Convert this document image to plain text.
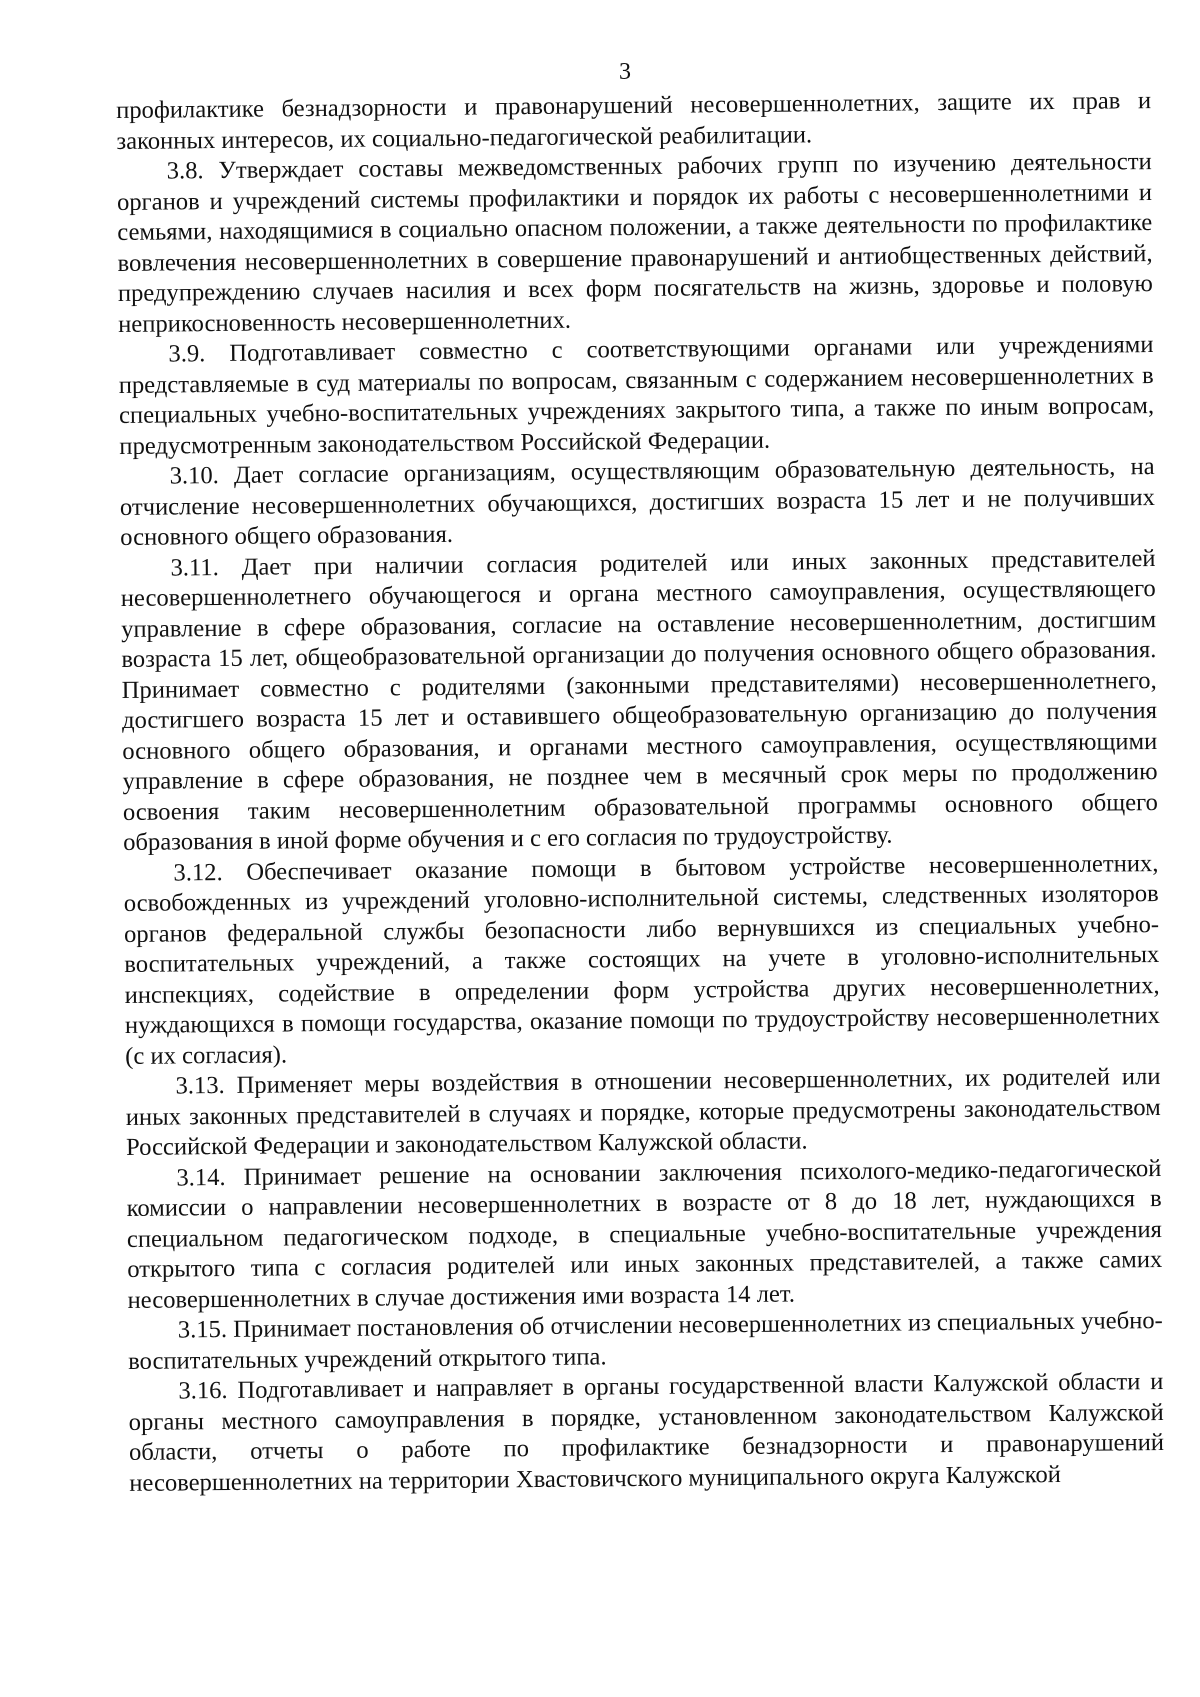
3

профилактике безнадзорности и правонарушений несовершеннолетних, защите их прав и законных интересов, их социально-педагогической реабилитации.

3.8. Утверждает составы межведомственных рабочих групп по изучению деятельности органов и учреждений системы профилактики и порядок их работы с несовершеннолетними и семьями, находящимися в социально опасном положении, а также деятельности по профилактике вовлечения несовершеннолетних в совершение правонарушений и антиобщественных действий, предупреждению случаев насилия и всех форм посягательств на жизнь, здоровье и половую неприкосновенность несовершеннолетних.

3.9. Подготавливает совместно с соответствующими органами или учреждениями представляемые в суд материалы по вопросам, связанным с содержанием несовершеннолетних в специальных учебно-воспитательных учреждениях закрытого типа, а также по иным вопросам, предусмотренным законодательством Российской Федерации.

3.10. Дает согласие организациям, осуществляющим образовательную деятельность, на отчисление несовершеннолетних обучающихся, достигших возраста 15 лет и не получивших основного общего образования.

3.11. Дает при наличии согласия родителей или иных законных представителей несовершеннолетнего обучающегося и органа местного самоуправления, осуществляющего управление в сфере образования, согласие на оставление несовершеннолетним, достигшим возраста 15 лет, общеобразовательной организации до получения основного общего образования. Принимает совместно с родителями (законными представителями) несовершеннолетнего, достигшего возраста 15 лет и оставившего общеобразовательную организацию до получения основного общего образования, и органами местного самоуправления, осуществляющими управление в сфере образования, не позднее чем в месячный срок меры по продолжению освоения таким несовершеннолетним образовательной программы основного общего образования в иной форме обучения и с его согласия по трудоустройству.

3.12. Обеспечивает оказание помощи в бытовом устройстве несовершеннолетних, освобожденных из учреждений уголовно-исполнительной системы, следственных изоляторов органов федеральной службы безопасности либо вернувшихся из специальных учебно-воспитательных учреждений, а также состоящих на учете в уголовно-исполнительных инспекциях, содействие в определении форм устройства других несовершеннолетних, нуждающихся в помощи государства, оказание помощи по трудоустройству несовершеннолетних (с их согласия).

3.13. Применяет меры воздействия в отношении несовершеннолетних, их родителей или иных законных представителей в случаях и порядке, которые предусмотрены законодательством Российской Федерации и законодательством Калужской области.

3.14. Принимает решение на основании заключения психолого-медико-педагогической комиссии о направлении несовершеннолетних в возрасте от 8 до 18 лет, нуждающихся в специальном педагогическом подходе, в специальные учебно-воспитательные учреждения открытого типа с согласия родителей или иных законных представителей, а также самих несовершеннолетних в случае достижения ими возраста 14 лет.

3.15. Принимает постановления об отчислении несовершеннолетних из специальных учебно-воспитательных учреждений открытого типа.

3.16. Подготавливает и направляет в органы государственной власти Калужской области и органы местного самоуправления в порядке, установленном законодательством Калужской области, отчеты о работе по профилактике безнадзорности и правонарушений несовершеннолетних на территории Хвастовичского муниципального округа Калужской
